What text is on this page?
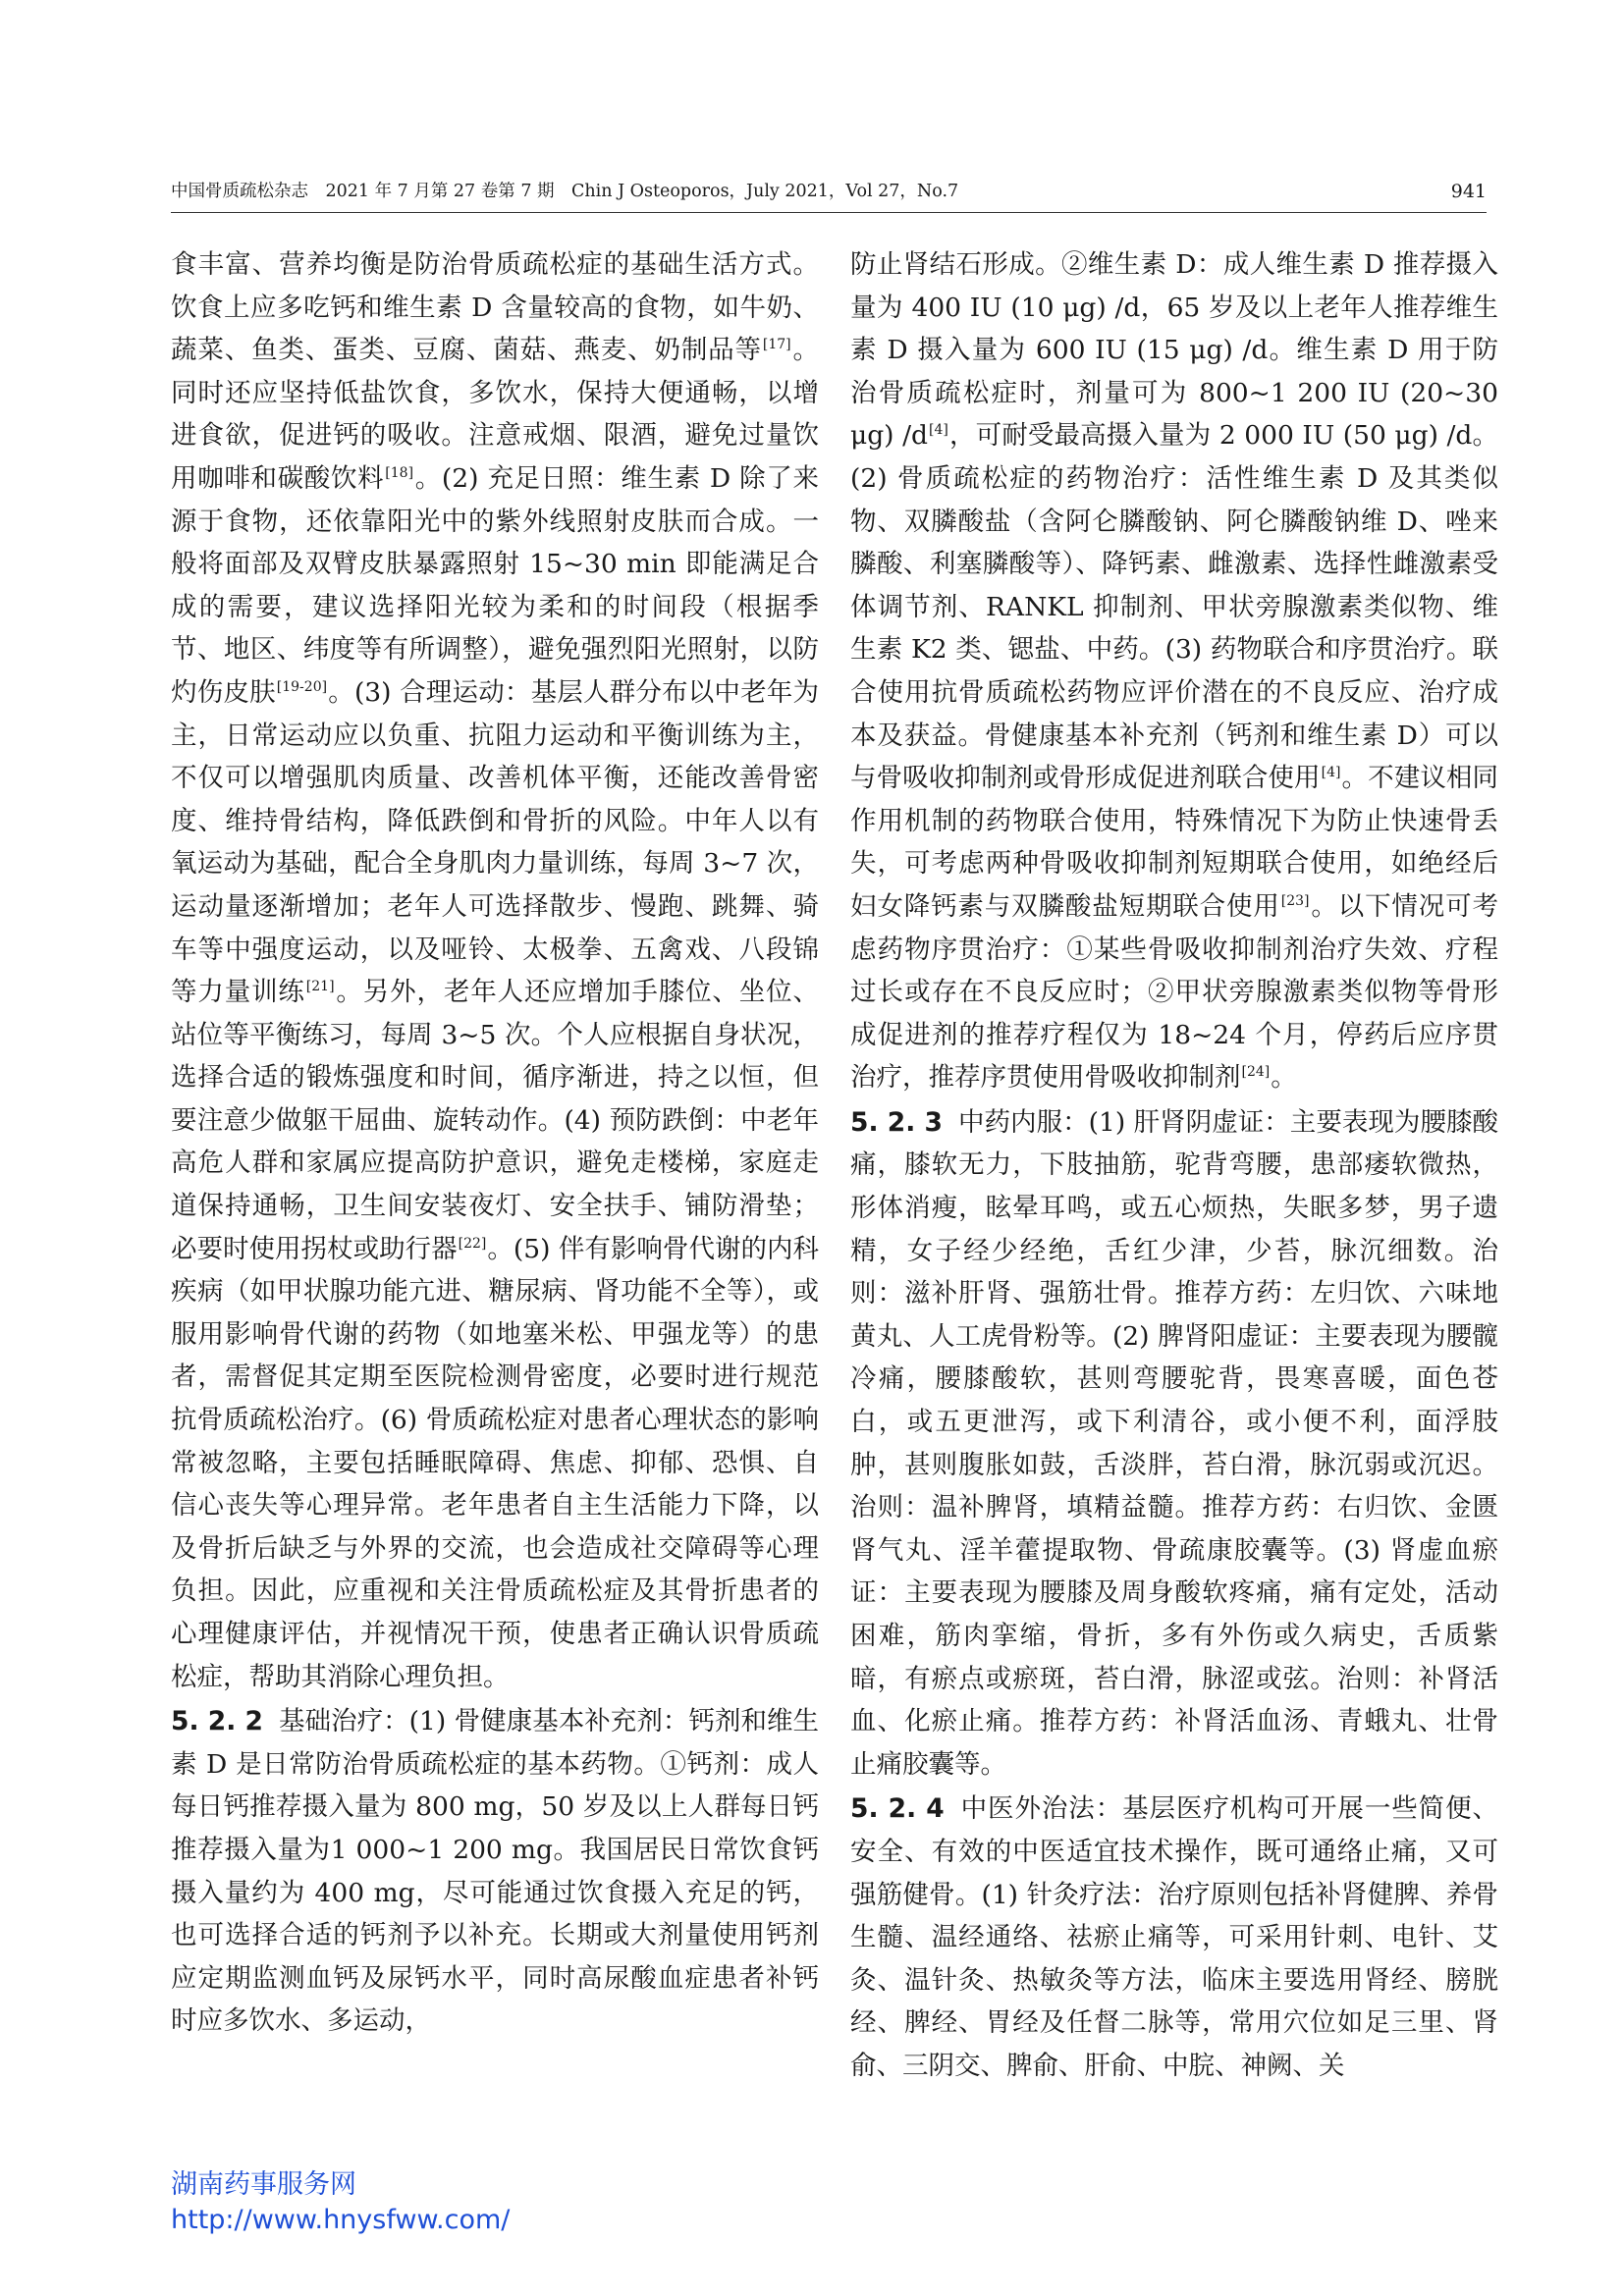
中国骨质疏松杂志　2021 年 7 月第 27 卷第 7 期　Chin J Osteoporos，July 2021，Vol 27，No.7	941

食丰富、营养均衡是防治骨质疏松症的基础生活方式。饮食上应多吃钙和维生素 D 含量较高的食物，如牛奶、蔬菜、鱼类、蛋类、豆腐、菌菇、燕麦、奶制品等[17]。同时还应坚持低盐饮食，多饮水，保持大便通畅，以增进食欲，促进钙的吸收。注意戒烟、限酒，避免过量饮用咖啡和碳酸饮料[18]。(2) 充足日照：维生素 D 除了来源于食物，还依靠阳光中的紫外线照射皮肤而合成。一般将面部及双臂皮肤暴露照射 15~30 min 即能满足合成的需要，建议选择阳光较为柔和的时间段（根据季节、地区、纬度等有所调整），避免强烈阳光照射，以防灼伤皮肤[19-20]。(3) 合理运动：基层人群分布以中老年为主，日常运动应以负重、抗阻力运动和平衡训练为主，不仅可以增强肌肉质量、改善机体平衡，还能改善骨密度、维持骨结构，降低跌倒和骨折的风险。中年人以有氧运动为基础，配合全身肌肉力量训练，每周 3~7 次，运动量逐渐增加；老年人可选择散步、慢跑、跳舞、骑车等中强度运动，以及哑铃、太极拳、五禽戏、八段锦等力量训练[21]。另外，老年人还应增加手膝位、坐位、站位等平衡练习，每周 3~5 次。个人应根据自身状况，选择合适的锻炼强度和时间，循序渐进，持之以恒，但要注意少做躯干屈曲、旋转动作。(4) 预防跌倒：中老年高危人群和家属应提高防护意识，避免走楼梯，家庭走道保持通畅，卫生间安装夜灯、安全扶手、铺防滑垫；必要时使用拐杖或助行器[22]。(5) 伴有影响骨代谢的内科疾病（如甲状腺功能亢进、糖尿病、肾功能不全等），或服用影响骨代谢的药物（如地塞米松、甲强龙等）的患者，需督促其定期至医院检测骨密度，必要时进行规范抗骨质疏松治疗。(6) 骨质疏松症对患者心理状态的影响常被忽略，主要包括睡眠障碍、焦虑、抑郁、恐惧、自信心丧失等心理异常。老年患者自主生活能力下降，以及骨折后缺乏与外界的交流，也会造成社交障碍等心理负担。因此，应重视和关注骨质疏松症及其骨折患者的心理健康评估，并视情况干预，使患者正确认识骨质疏松症，帮助其消除心理负担。

5. 2. 2 基础治疗：(1) 骨健康基本补充剂：钙剂和维生素 D 是日常防治骨质疏松症的基本药物。①钙剂：成人每日钙推荐摄入量为 800 mg，50 岁及以上人群每日钙推荐摄入量为1 000~1 200 mg。我国居民日常饮食钙摄入量约为 400 mg，尽可能通过饮食摄入充足的钙，也可选择合适的钙剂予以补充。长期或大剂量使用钙剂应定期监测血钙及尿钙水平，同时高尿酸血症患者补钙时应多饮水、多运动，

防止肾结石形成。②维生素 D：成人维生素 D 推荐摄入量为 400 IU (10 μg) /d，65 岁及以上老年人推荐维生素 D 摄入量为 600 IU (15 μg) /d。维生素 D 用于防治骨质疏松症时，剂量可为 800~1 200 IU (20~30 μg) /d[4]，可耐受最高摄入量为 2 000 IU (50 μg) /d。(2) 骨质疏松症的药物治疗：活性维生素 D 及其类似物、双膦酸盐（含阿仑膦酸钠、阿仑膦酸钠维 D、唑来膦酸、利塞膦酸等）、降钙素、雌激素、选择性雌激素受体调节剂、RANKL 抑制剂、甲状旁腺激素类似物、维生素 K2 类、锶盐、中药。(3) 药物联合和序贯治疗。联合使用抗骨质疏松药物应评价潜在的不良反应、治疗成本及获益。骨健康基本补充剂（钙剂和维生素 D）可以与骨吸收抑制剂或骨形成促进剂联合使用[4]。不建议相同作用机制的药物联合使用，特殊情况下为防止快速骨丢失，可考虑两种骨吸收抑制剂短期联合使用，如绝经后妇女降钙素与双膦酸盐短期联合使用[23]。以下情况可考虑药物序贯治疗：①某些骨吸收抑制剂治疗失效、疗程过长或存在不良反应时；②甲状旁腺激素类似物等骨形成促进剂的推荐疗程仅为 18~24 个月，停药后应序贯治疗，推荐序贯使用骨吸收抑制剂[24]。

5. 2. 3 中药内服：(1) 肝肾阴虚证：主要表现为腰膝酸痛，膝软无力，下肢抽筋，驼背弯腰，患部痿软微热，形体消瘦，眩晕耳鸣，或五心烦热，失眠多梦，男子遗精，女子经少经绝，舌红少津，少苔，脉沉细数。治则：滋补肝肾、强筋壮骨。推荐方药：左归饮、六味地黄丸、人工虎骨粉等。(2) 脾肾阳虚证：主要表现为腰髋冷痛，腰膝酸软，甚则弯腰驼背，畏寒喜暖，面色苍白，或五更泄泻，或下利清谷，或小便不利，面浮肢肿，甚则腹胀如鼓，舌淡胖，苔白滑，脉沉弱或沉迟。治则：温补脾肾，填精益髓。推荐方药：右归饮、金匮肾气丸、淫羊藿提取物、骨疏康胶囊等。(3) 肾虚血瘀证：主要表现为腰膝及周身酸软疼痛，痛有定处，活动困难，筋肉挛缩，骨折，多有外伤或久病史，舌质紫暗，有瘀点或瘀斑，苔白滑，脉涩或弦。治则：补肾活血、化瘀止痛。推荐方药：补肾活血汤、青蛾丸、壮骨止痛胶囊等。

5. 2. 4 中医外治法：基层医疗机构可开展一些简便、安全、有效的中医适宜技术操作，既可通络止痛，又可强筋健骨。(1) 针灸疗法：治疗原则包括补肾健脾、养骨生髓、温经通络、祛瘀止痛等，可采用针刺、电针、艾灸、温针灸、热敏灸等方法，临床主要选用肾经、膀胱经、脾经、胃经及任督二脉等，常用穴位如足三里、肾俞、三阴交、脾俞、肝俞、中脘、神阙、关

湖南药事服务网
http://www.hnysfww.com/
